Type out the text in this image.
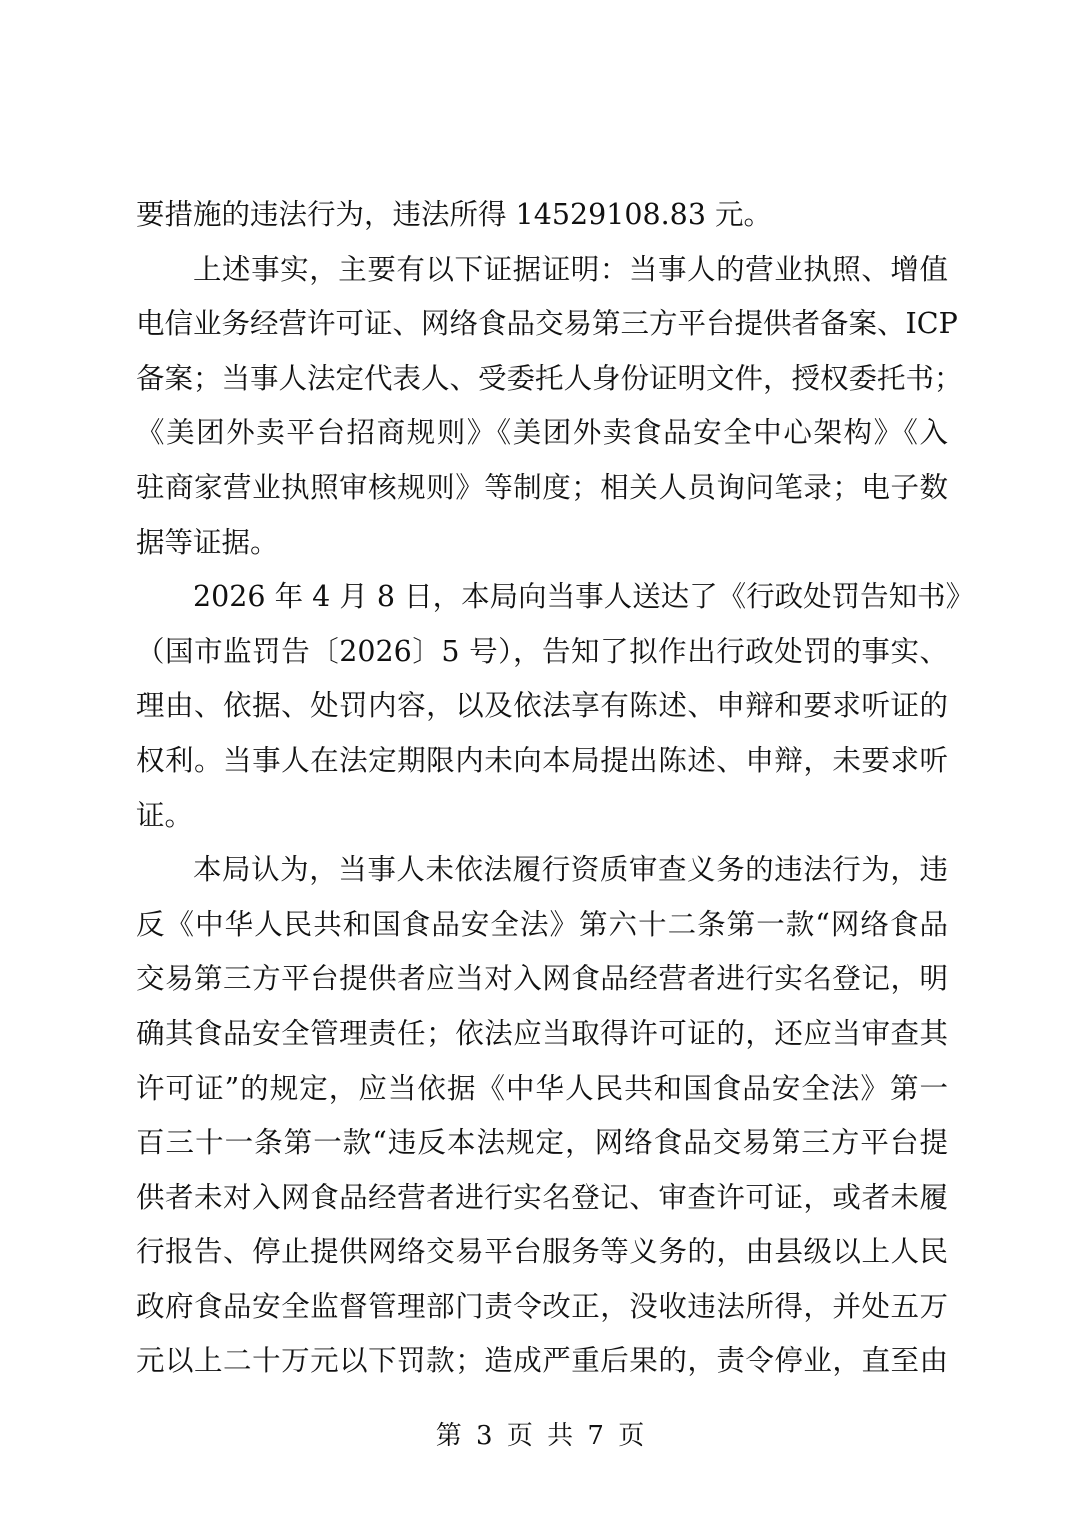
要措施的违法行为，违法所得 14529108.83 元。
上述事实，主要有以下证据证明：当事人的营业执照、增值
电信业务经营许可证、网络食品交易第三方平台提供者备案、ICP
备案；当事人法定代表人、受委托人身份证明文件，授权委托书；
《美团外卖平台招商规则》《美团外卖食品安全中心架构》《入
驻商家营业执照审核规则》等制度；相关人员询问笔录；电子数
据等证据。
2026 年 4 月 8 日，本局向当事人送达了《行政处罚告知书》
（国市监罚告〔2026〕5 号），告知了拟作出行政处罚的事实、
理由、依据、处罚内容，以及依法享有陈述、申辩和要求听证的
权利。当事人在法定期限内未向本局提出陈述、申辩，未要求听
证。
本局认为，当事人未依法履行资质审查义务的违法行为，违
反《中华人民共和国食品安全法》第六十二条第一款“网络食品
交易第三方平台提供者应当对入网食品经营者进行实名登记，明
确其食品安全管理责任；依法应当取得许可证的，还应当审查其
许可证”的规定，应当依据《中华人民共和国食品安全法》第一
百三十一条第一款“违反本法规定，网络食品交易第三方平台提
供者未对入网食品经营者进行实名登记、审查许可证，或者未履
行报告、停止提供网络交易平台服务等义务的，由县级以上人民
政府食品安全监督管理部门责令改正，没收违法所得，并处五万
元以上二十万元以下罚款；造成严重后果的，责令停业，直至由
第 3 页 共 7 页
